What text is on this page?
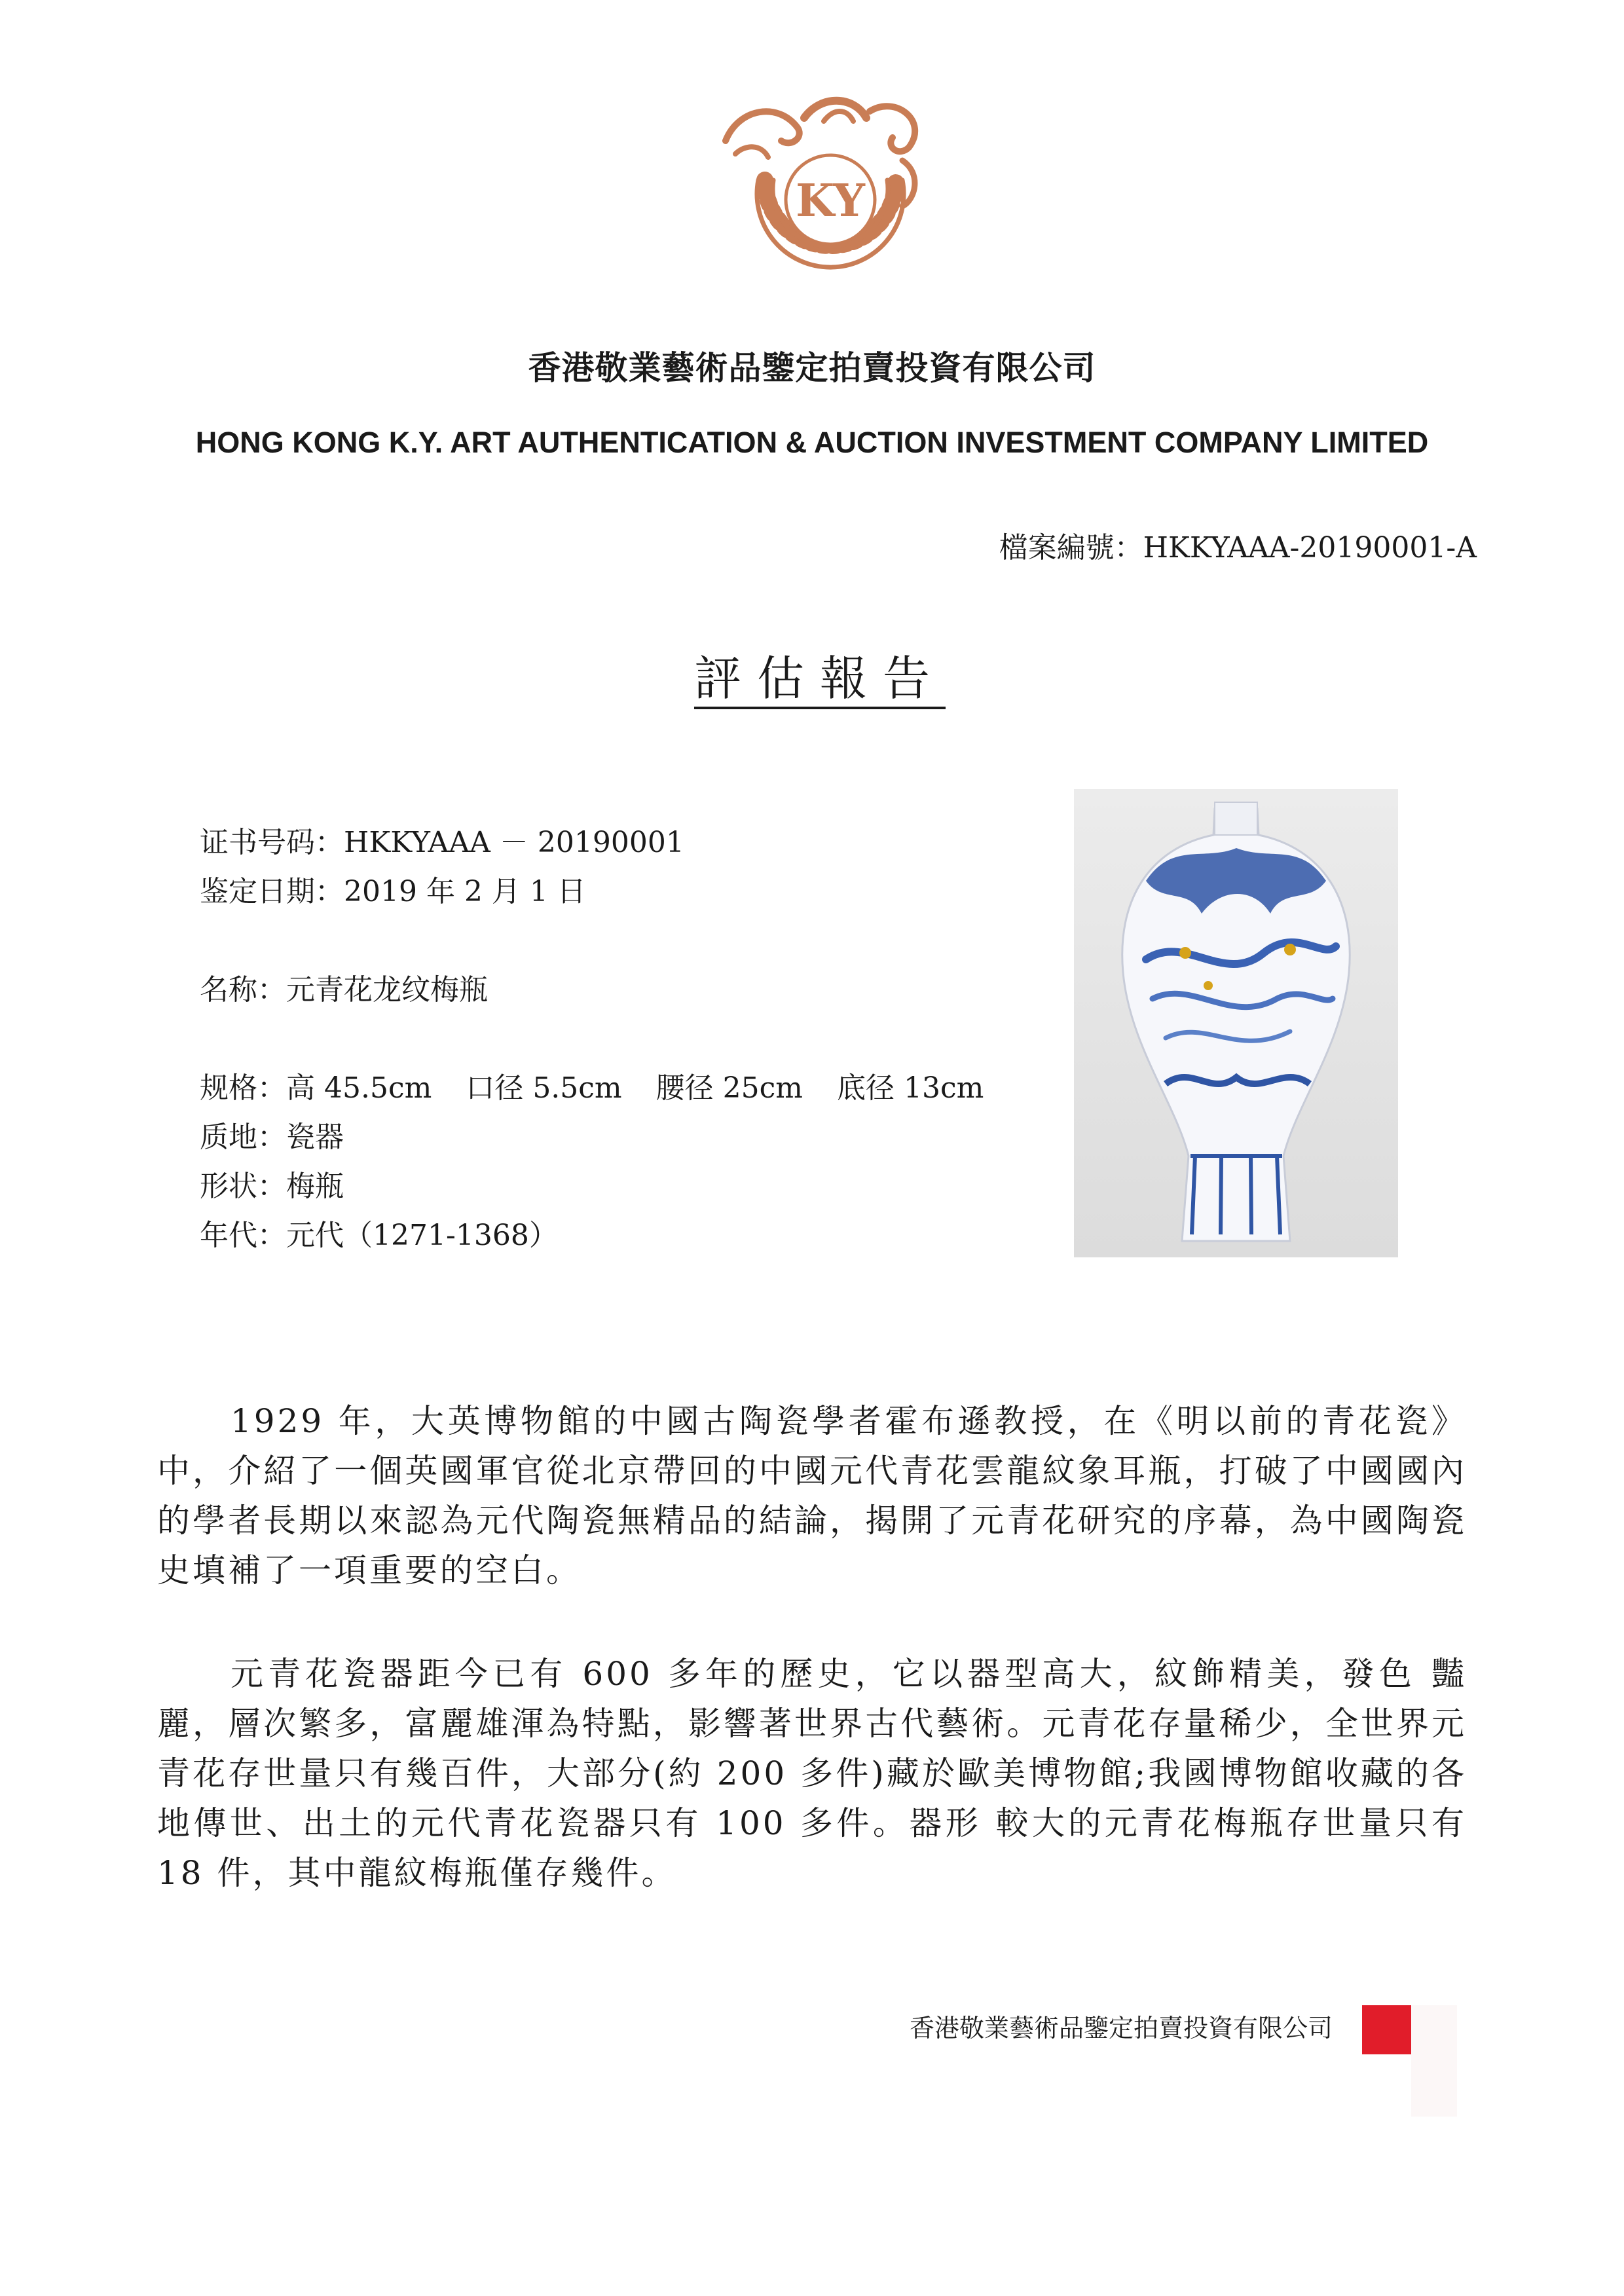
KY
香港敬業藝術品鑒定拍賣投資有限公司
HONG KONG K.Y. ART AUTHENTICATION & AUCTION INVESTMENT COMPANY LIMITED
檔案編號：HKKYAAA-20190001-A
評估報告
证书号码：HKKYAAA － 20190001
鉴定日期：2019 年 2 月 1 日
名称：元青花龙纹梅瓶
规格：高 45.5cm 口径 5.5cm 腰径 25cm 底径 13cm
质地：瓷器
形状：梅瓶
年代：元代（1271-1368）
1929 年，大英博物館的中國古陶瓷學者霍布遜教授，在《明以前的青花瓷》中，介紹了一個英國軍官從北京帶回的中國元代青花雲龍紋象耳瓶，打破了中國國內的學者長期以來認為元代陶瓷無精品的結論，揭開了元青花研究的序幕，為中國陶瓷史填補了一項重要的空白。
元青花瓷器距今已有 600 多年的歷史，它以器型高大，紋飾精美，發色 豔麗，層次繁多，富麗雄渾為特點，影響著世界古代藝術。元青花存量稀少，全世界元青花存世量只有幾百件，大部分(約 200 多件)藏於歐美博物館;我國博物館收藏的各地傳世、出土的元代青花瓷器只有 100 多件。器形 較大的元青花梅瓶存世量只有18 件，其中龍紋梅瓶僅存幾件。
香港敬業藝術品鑒定拍賣投資有限公司
